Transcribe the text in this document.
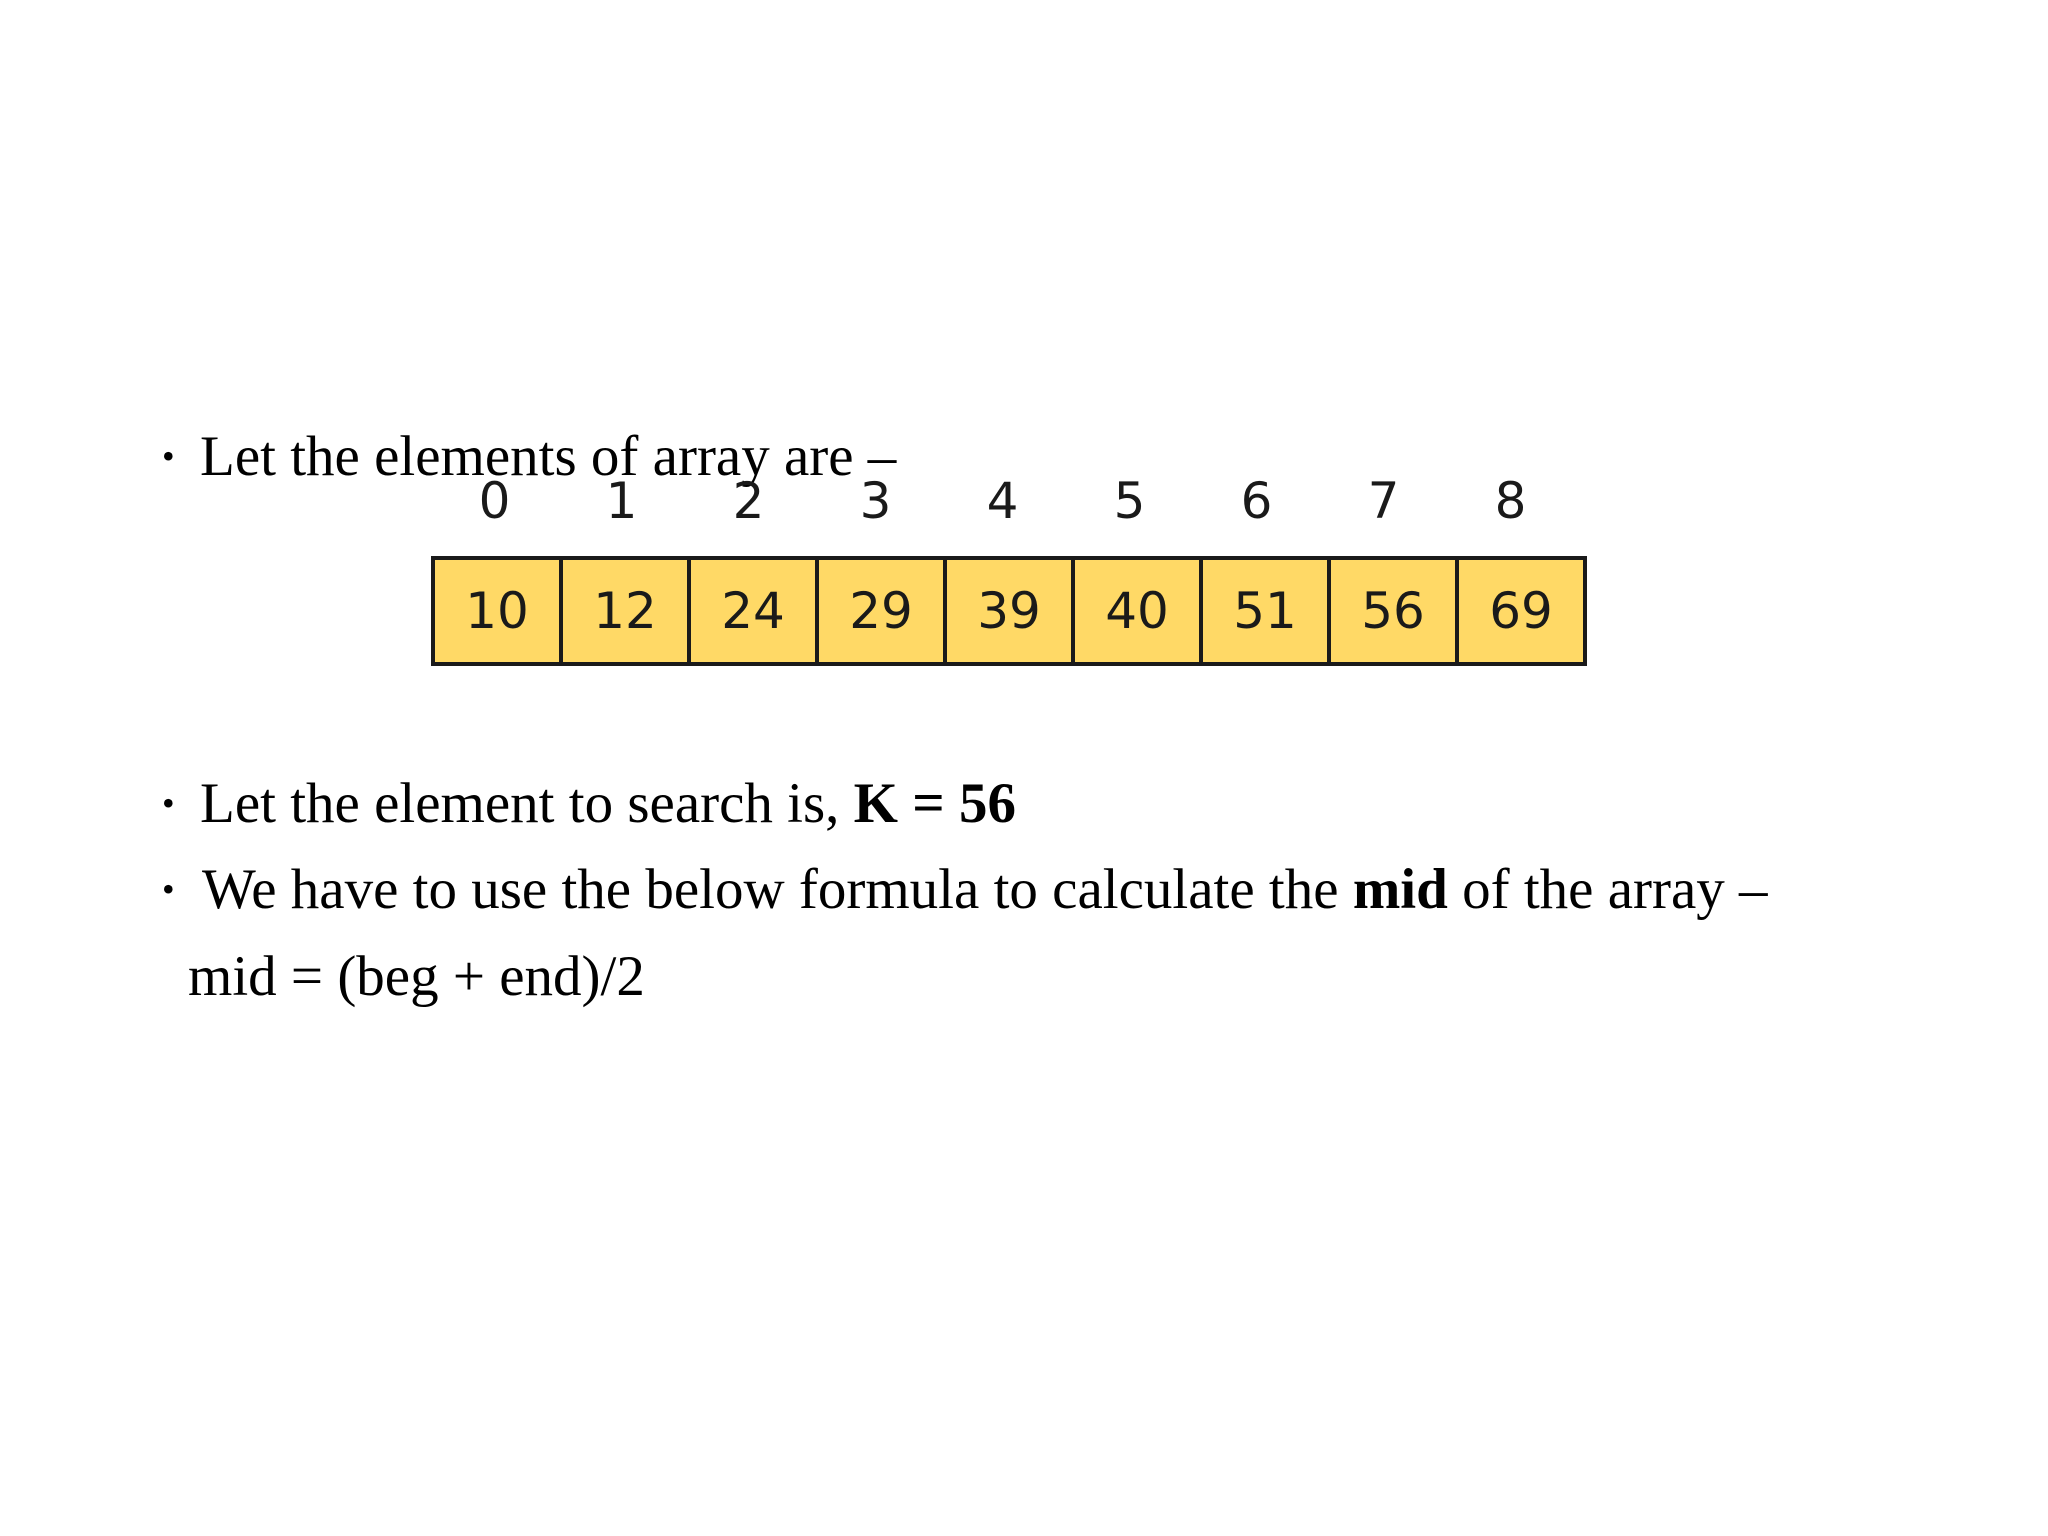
• Let the elements of array are –
0	1	2	3	4	5	6	7	8
10	12	24	29	39	40	51	56	69
• Let the element to search is, K = 56
• We have to use the below formula to calculate the mid of the array –
mid = (beg + end)/2
